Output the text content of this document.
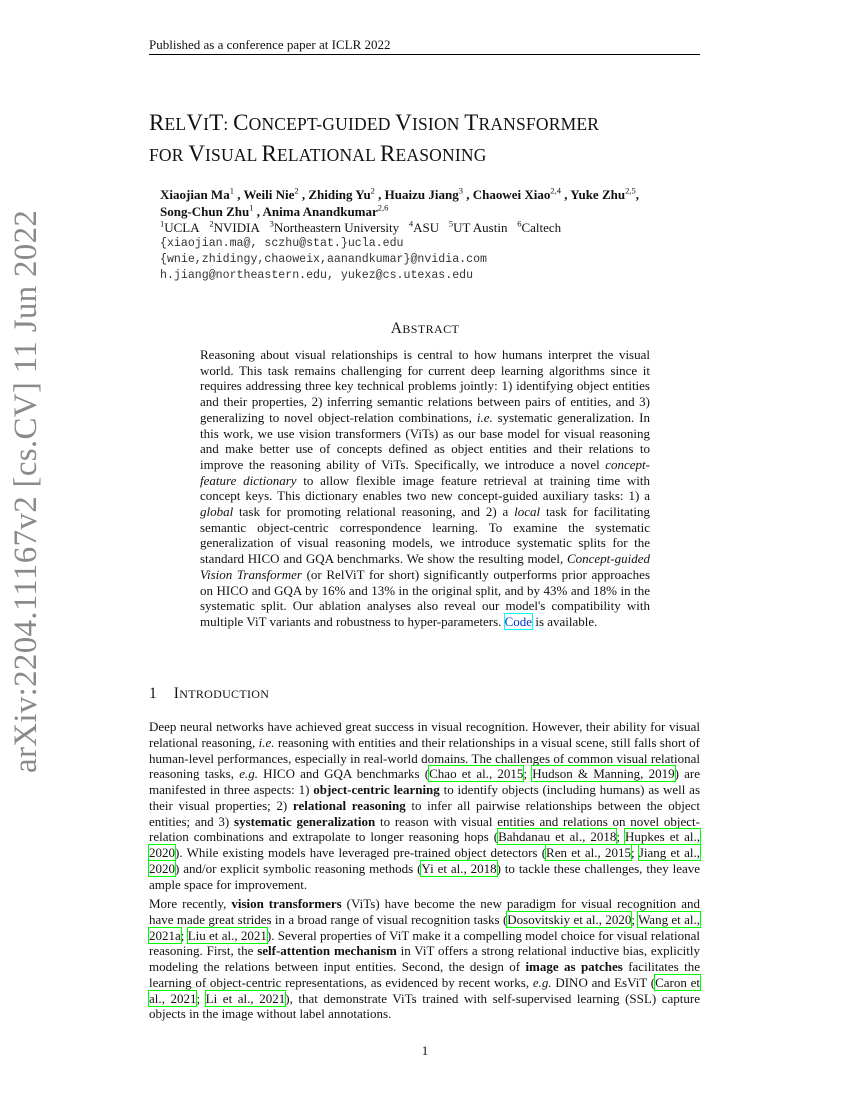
Published as a conference paper at ICLR 2022
arXiv:2204.11167v2 [cs.CV] 11 Jun 2022
RELVIT: CONCEPT-GUIDED VISION TRANSFORMER
FOR VISUAL RELATIONAL REASONING
Xiaojian Ma$^1$ , Weili Nie$^2$ , Zhiding Yu$^2$ , Huaizu Jiang$^3$ , Chaowei Xiao$^{2,4}$ , Yuke Zhu$^{2,5}$,
Song-Chun Zhu$^1$ , Anima Anandkumar$^{2,6}$
$^1$UCLA $^2$NVIDIA $^3$Northeastern University $^4$ASU $^5$UT Austin $^6$Caltech
{xiaojian.ma@, sczhu@stat.}ucla.edu
{wnie,zhidingy,chaoweix,aanandkumar}@nvidia.com
h.jiang@northeastern.edu, yukez@cs.utexas.edu
ABSTRACT
Reasoning about visual relationships is central to how humans interpret the visual world. This task remains challenging for current deep learning algorithms since it requires addressing three key technical problems jointly: 1) identifying object entities and their properties, 2) inferring semantic relations between pairs of entities, and 3) generalizing to novel object-relation combinations, i.e. systematic generalization. In this work, we use vision transformers (ViTs) as our base model for visual reasoning and make better use of concepts defined as object entities and their relations to improve the reasoning ability of ViTs. Specifically, we introduce a novel concept-feature dictionary to allow flexible image feature retrieval at training time with concept keys. This dictionary enables two new concept-guided auxiliary tasks: 1) a global task for promoting relational reasoning, and 2) a local task for facilitating semantic object-centric correspondence learning. To examine the systematic generalization of visual reasoning models, we introduce systematic splits for the standard HICO and GQA benchmarks. We show the resulting model, Concept-guided Vision Transformer (or RelViT for short) significantly outperforms prior approaches on HICO and GQA by 16% and 13% in the original split, and by 43% and 18% in the systematic split. Our ablation analyses also reveal our model's compatibility with multiple ViT variants and robustness to hyper-parameters. Code is available.
1 INTRODUCTION
Deep neural networks have achieved great success in visual recognition. However, their ability for visual relational reasoning, i.e. reasoning with entities and their relationships in a visual scene, still falls short of human-level performances, especially in real-world domains. The challenges of common visual relational reasoning tasks, e.g. HICO and GQA benchmarks (Chao et al., 2015; Hudson & Manning, 2019) are manifested in three aspects: 1) object-centric learning to identify objects (including humans) as well as their visual properties; 2) relational reasoning to infer all pairwise relationships between the object entities; and 3) systematic generalization to reason with visual entities and relations on novel object-relation combinations and extrapolate to longer reasoning hops (Bahdanau et al., 2018; Hupkes et al., 2020). While existing models have leveraged pre-trained object detectors (Ren et al., 2015; Jiang et al., 2020) and/or explicit symbolic reasoning methods (Yi et al., 2018) to tackle these challenges, they leave ample space for improvement.
More recently, vision transformers (ViTs) have become the new paradigm for visual recognition and have made great strides in a broad range of visual recognition tasks (Dosovitskiy et al., 2020; Wang et al., 2021a; Liu et al., 2021). Several properties of ViT make it a compelling model choice for visual relational reasoning. First, the self-attention mechanism in ViT offers a strong relational inductive bias, explicitly modeling the relations between input entities. Second, the design of image as patches facilitates the learning of object-centric representations, as evidenced by recent works, e.g. DINO and EsViT (Caron et al., 2021; Li et al., 2021), that demonstrate ViTs trained with self-supervised learning (SSL) capture objects in the image without label annotations.
1
